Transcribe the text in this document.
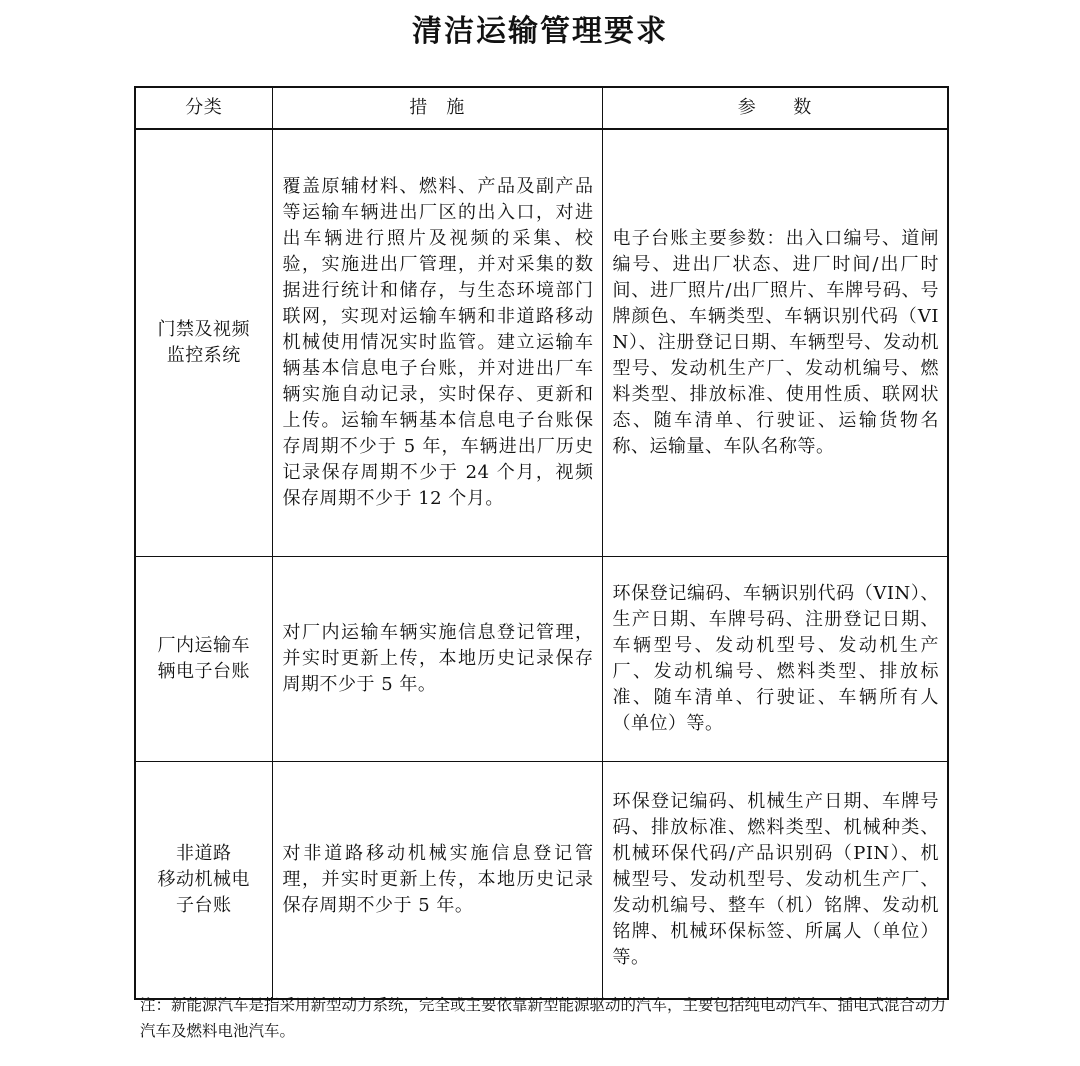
清洁运输管理要求
分类	措　施	参　　数

门禁及视频
监控系统	覆盖原辅材料、燃料、产品及副产品等运输车辆进出厂区的出入口，对进出车辆进行照片及视频的采集、校验，实施进出厂管理，并对采集的数据进行统计和储存，与生态环境部门联网，实现对运输车辆和非道路移动机械使用情况实时监管。建立运输车辆基本信息电子台账，并对进出厂车辆实施自动记录，实时保存、更新和上传。运输车辆基本信息电子台账保存周期不少于 5 年，车辆进出厂历史记录保存周期不少于 24 个月，视频保存周期不少于 12 个月。	电子台账主要参数：出入口编号、道闸编号、进出厂状态、进厂时间/出厂时间、进厂照片/出厂照片、车牌号码、号牌颜色、车辆类型、车辆识别代码（VIN）、注册登记日期、车辆型号、发动机型号、发动机生产厂、发动机编号、燃料类型、排放标准、使用性质、联网状态、随车清单、行驶证、运输货物名称、运输量、车队名称等。

厂内运输车
辆电子台账	对厂内运输车辆实施信息登记管理，并实时更新上传，本地历史记录保存周期不少于 5 年。	环保登记编码、车辆识别代码（VIN）、生产日期、车牌号码、注册登记日期、车辆型号、发动机型号、发动机生产厂、发动机编号、燃料类型、排放标准、随车清单、行驶证、车辆所有人（单位）等。

非道路
移动机械电
子台账	对非道路移动机械实施信息登记管理，并实时更新上传，本地历史记录保存周期不少于 5 年。	环保登记编码、机械生产日期、车牌号码、排放标准、燃料类型、机械种类、机械环保代码/产品识别码（PIN）、机械型号、发动机型号、发动机生产厂、发动机编号、整车（机）铭牌、发动机铭牌、机械环保标签、所属人（单位）等。
注：新能源汽车是指采用新型动力系统，完全或主要依靠新型能源驱动的汽车，主要包括纯电动汽车、插电式混合动力汽车及燃料电池汽车。
